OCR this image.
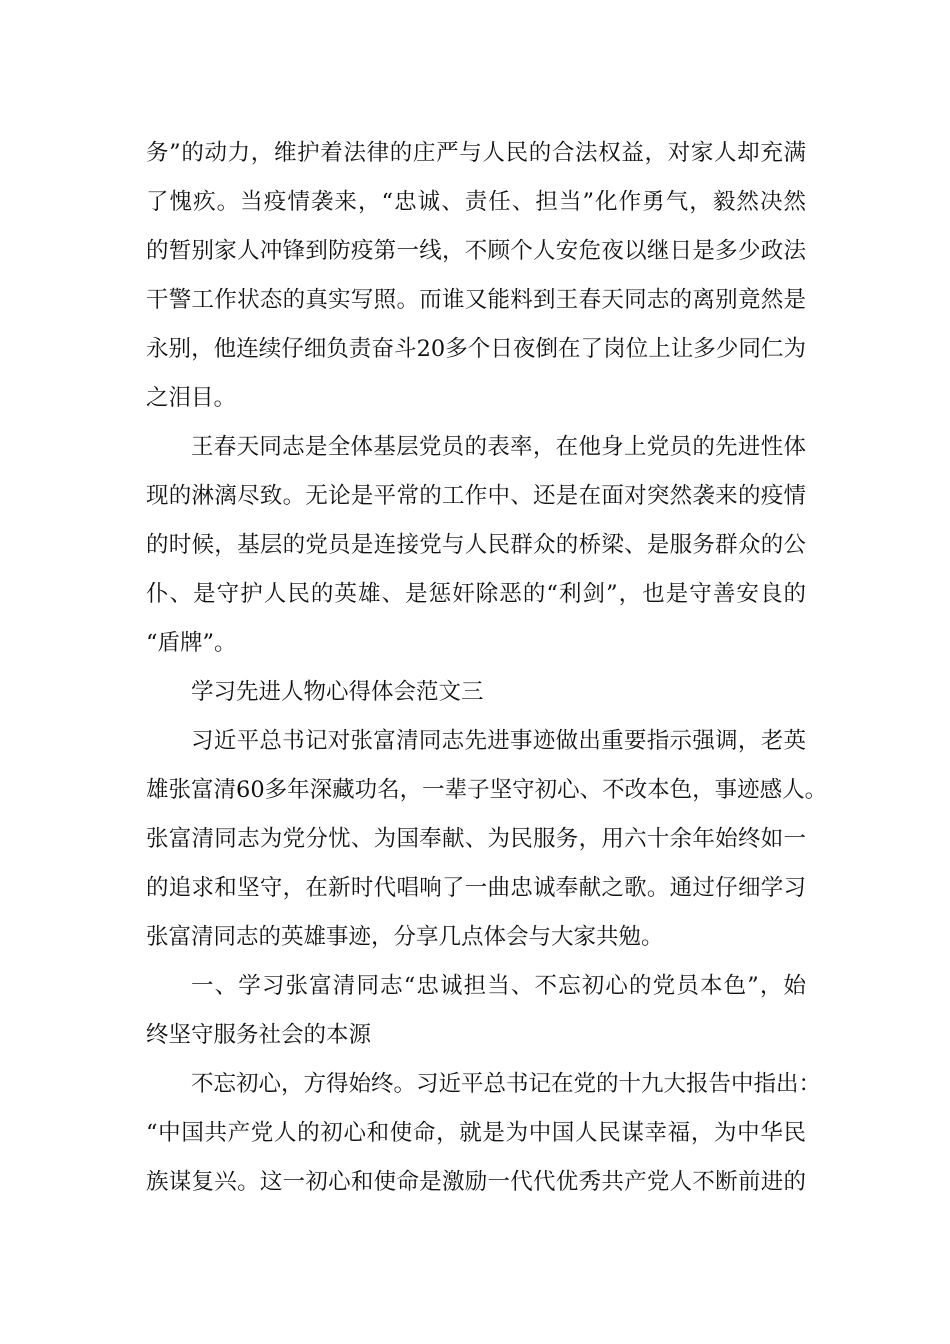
务”的动力，维护着法律的庄严与人民的合法权益，对家人却充满
了愧疚。当疫情袭来，“忠诚、责任、担当”化作勇气，毅然决然
的暂别家人冲锋到防疫第一线，不顾个人安危夜以继日是多少政法
干警工作状态的真实写照。而谁又能料到王春天同志的离别竟然是
永别，他连续仔细负责奋斗20多个日夜倒在了岗位上让多少同仁为
之泪目。
王春天同志是全体基层党员的表率，在他身上党员的先进性体
现的淋漓尽致。无论是平常的工作中、还是在面对突然袭来的疫情
的时候，基层的党员是连接党与人民群众的桥梁、是服务群众的公
仆、是守护人民的英雄、是惩奸除恶的“利剑”，也是守善安良的
“盾牌”。
学习先进人物心得体会范文三
习近平总书记对张富清同志先进事迹做出重要指示强调，老英
雄张富清60多年深藏功名，一辈子坚守初心、不改本色，事迹感人。
张富清同志为党分忧、为国奉献、为民服务，用六十余年始终如一
的追求和坚守，在新时代唱响了一曲忠诚奉献之歌。通过仔细学习
张富清同志的英雄事迹，分享几点体会与大家共勉。
一、学习张富清同志“忠诚担当、不忘初心的党员本色”，始
终坚守服务社会的本源
不忘初心，方得始终。习近平总书记在党的十九大报告中指出：
“中国共产党人的初心和使命，就是为中国人民谋幸福，为中华民
族谋复兴。这一初心和使命是激励一代代优秀共产党人不断前进的
